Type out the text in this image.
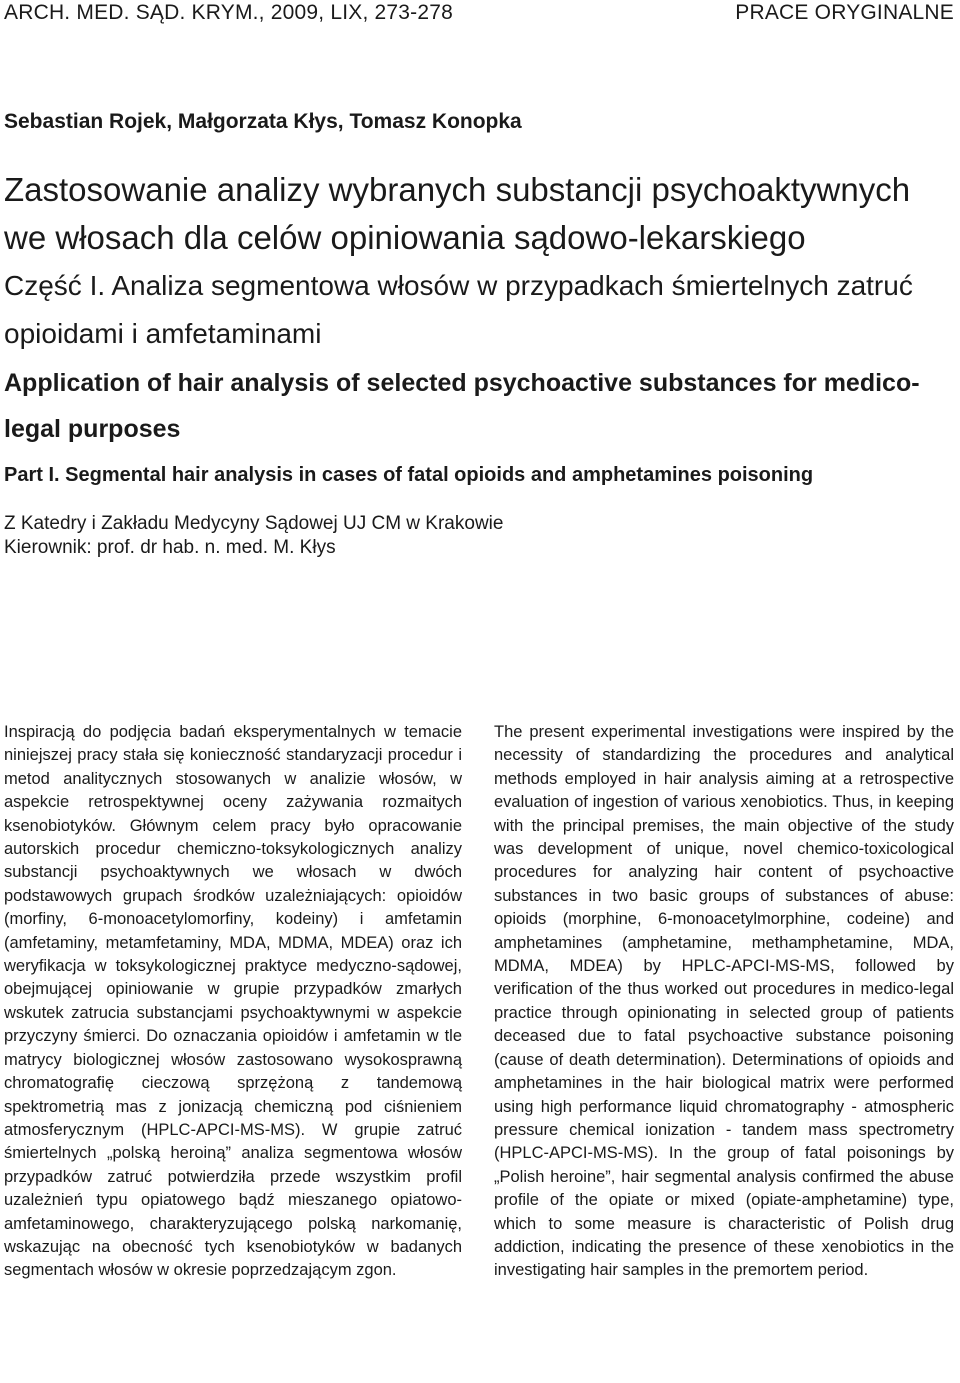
ARCH. MED. SĄD. KRYM., 2009, LIX, 273-278	PRACE ORYGINALNE
Sebastian Rojek, Małgorzata Kłys, Tomasz Konopka
Zastosowanie analizy wybranych substancji psychoaktywnych we włosach dla celów opiniowania sądowo-lekarskiego
Część I. Analiza segmentowa włosów w przypadkach śmiertelnych zatruć opioidami i amfetaminami
Application of hair analysis of selected psychoactive substances for medico-legal purposes
Part I. Segmental hair analysis in cases of fatal opioids and amphetamines poisoning
Z Katedry i Zakładu Medycyny Sądowej UJ CM w Krakowie
Kierownik: prof. dr hab. n. med. M. Kłys
Inspiracją do podjęcia badań eksperymentalnych w temacie niniejszej pracy stała się konieczność standaryzacji procedur i metod analitycznych stosowanych w analizie włosów, w aspekcie retrospektywnej oceny zażywania rozmaitych ksenobiotyków. Głównym celem pracy było opracowanie autorskich procedur chemiczno-toksykologicznych analizy substancji psychoaktywnych we włosach w dwóch podstawowych grupach środków uzależniających: opioidów (morfiny, 6-monoacetylomorfiny, kodeiny) i amfetamin (amfetaminy, metamfetaminy, MDA, MDMA, MDEA) oraz ich weryfikacja w toksykologicznej praktyce medyczno-sądowej, obejmującej opiniowanie w grupie przypadków zmarłych wskutek zatrucia substancjami psychoaktywnymi w aspekcie przyczyny śmierci. Do oznaczania opioidów i amfetamin w tle matrycy biologicznej włosów zastosowano wysokosprawną chromatografię cieczową sprzężoną z tandemową spektrometrią mas z jonizacją chemiczną pod ciśnieniem atmosferycznym (HPLC-APCI-MS-MS). W grupie zatruć śmiertelnych „polską heroiną” analiza segmentowa włosów przypadków zatruć potwierdziła przede wszystkim profil uzależnień typu opiatowego bądź mieszanego opiatowo-amfetaminowego, charakteryzującego polską narkomanię, wskazując na obecność tych ksenobiotyków w badanych segmentach włosów w okresie poprzedzającym zgon.
The present experimental investigations were inspired by the necessity of standardizing the procedures and analytical methods employed in hair analysis aiming at a retrospective evaluation of ingestion of various xenobiotics. Thus, in keeping with the principal premises, the main objective of the study was development of unique, novel chemico-toxicological procedures for analyzing hair content of psychoactive substances in two basic groups of substances of abuse: opioids (morphine, 6-monoacetylmorphine, codeine) and amphetamines (amphetamine, methamphetamine, MDA, MDMA, MDEA) by HPLC-APCI-MS-MS, followed by verification of the thus worked out procedures in medico-legal practice through opinionating in selected group of patients deceased due to fatal psychoactive substance poisoning (cause of death determination). Determinations of opioids and amphetamines in the hair biological matrix were performed using high performance liquid chromatography - atmospheric pressure chemical ionization - tandem mass spectrometry (HPLC-APCI-MS-MS). In the group of fatal poisonings by „Polish heroine”, hair segmental analysis confirmed the abuse profile of the opiate or mixed (opiate-amphetamine) type, which to some measure is characteristic of Polish drug addiction, indicating the presence of these xenobiotics in the investigating hair samples in the premortem period.
